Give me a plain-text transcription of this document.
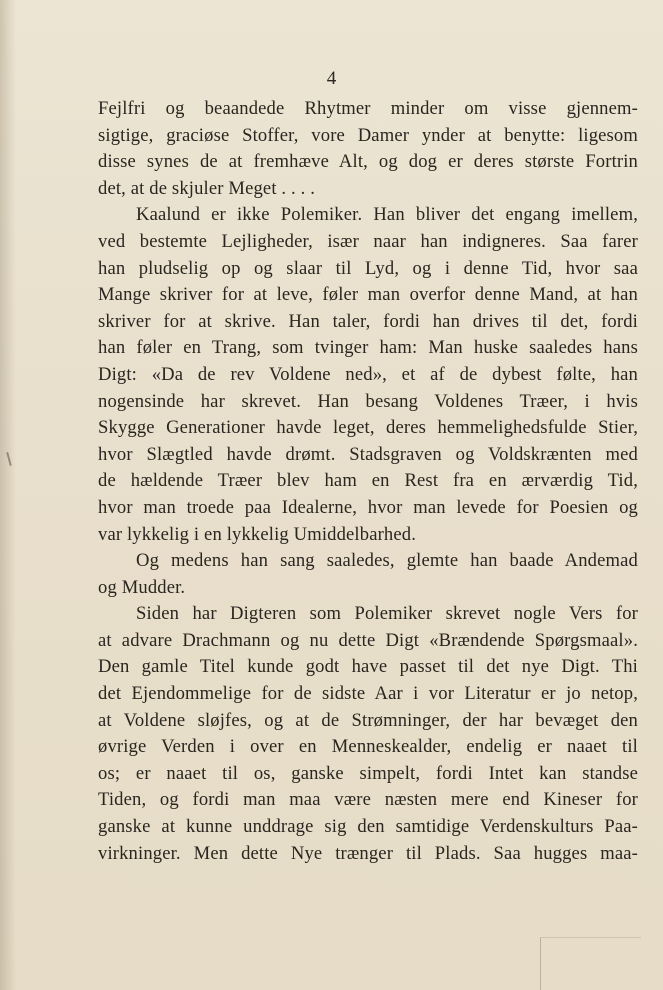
4
Fejlfri og beaandede Rhytmer minder om visse gjennem-
sigtige, graciøse Stoffer, vore Damer ynder at benytte: ligesom
disse synes de at fremhæve Alt, og dog er deres største Fortrin
det, at de skjuler Meget . . . .
Kaalund er ikke Polemiker. Han bliver det engang imellem,
ved bestemte Lejligheder, især naar han indigneres. Saa farer
han pludselig op og slaar til Lyd, og i denne Tid, hvor saa
Mange skriver for at leve, føler man overfor denne Mand, at han
skriver for at skrive. Han taler, fordi han drives til det, fordi
han føler en Trang, som tvinger ham: Man huske saaledes hans
Digt: «Da de rev Voldene ned», et af de dybest følte, han
nogensinde har skrevet. Han besang Voldenes Træer, i hvis
Skygge Generationer havde leget, deres hemmelighedsfulde Stier,
hvor Slægtled havde drømt. Stadsgraven og Voldskrænten med
de hældende Træer blev ham en Rest fra en ærværdig Tid,
hvor man troede paa Idealerne, hvor man levede for Poesien og
var lykkelig i en lykkelig Umiddelbarhed.
Og medens han sang saaledes, glemte han baade Andemad
og Mudder.
Siden har Digteren som Polemiker skrevet nogle Vers for
at advare Drachmann og nu dette Digt «Brændende Spørgsmaal».
Den gamle Titel kunde godt have passet til det nye Digt. Thi
det Ejendommelige for de sidste Aar i vor Literatur er jo netop,
at Voldene sløjfes, og at de Strømninger, der har bevæget den
øvrige Verden i over en Menneskealder, endelig er naaet til
os; er naaet til os, ganske simpelt, fordi Intet kan standse
Tiden, og fordi man maa være næsten mere end Kineser for
ganske at kunne unddrage sig den samtidige Verdenskulturs Paa-
virkninger. Men dette Nye trænger til Plads. Saa hugges maa-
